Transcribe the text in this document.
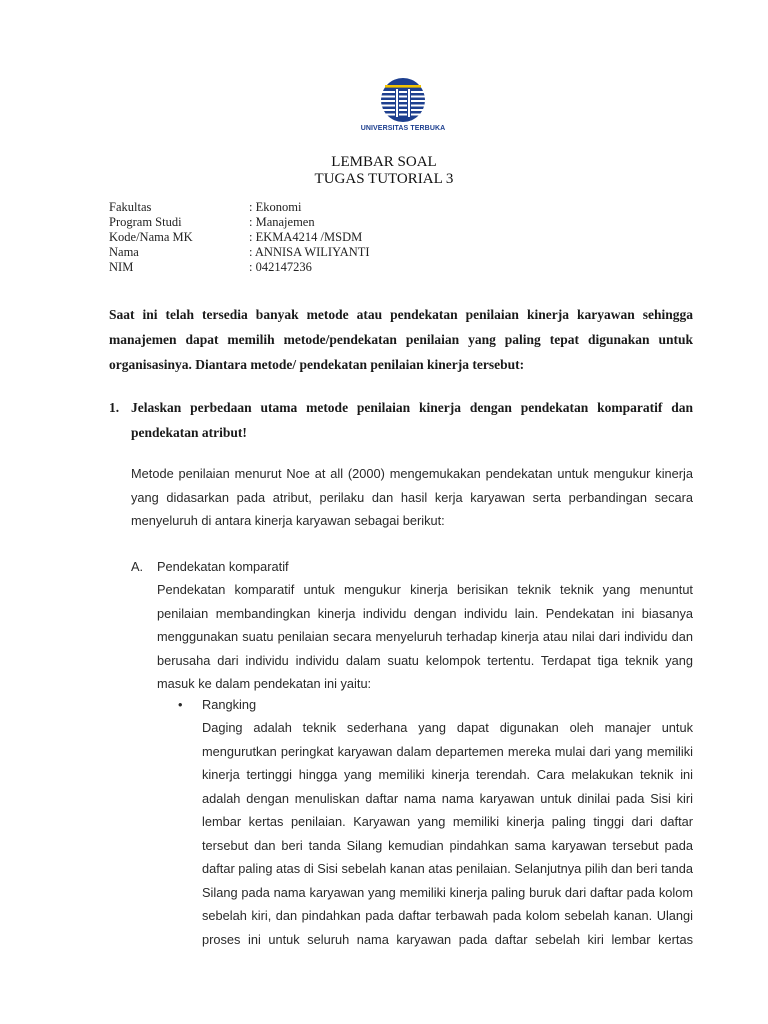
UNIVERSITAS TERBUKA
LEMBAR SOAL
TUGAS TUTORIAL 3
Fakultas	: Ekonomi
Program Studi	: Manajemen
Kode/Nama MK	: EKMA4214 /MSDM
Nama	: ANNISA WILIYANTI
NIM	: 042147236
Saat ini telah tersedia banyak metode atau pendekatan penilaian kinerja karyawan sehingga manajemen dapat memilih metode/pendekatan penilaian yang paling tepat digunakan untuk organisasinya. Diantara metode/ pendekatan penilaian kinerja tersebut:
1. Jelaskan perbedaan utama metode penilaian kinerja dengan pendekatan komparatif dan pendekatan atribut!
Metode penilaian menurut Noe at all (2000) mengemukakan pendekatan untuk mengukur kinerja yang didasarkan pada atribut, perilaku dan hasil kerja karyawan serta perbandingan secara menyeluruh di antara kinerja karyawan sebagai berikut:
A. Pendekatan komparatif
Pendekatan komparatif untuk mengukur kinerja berisikan teknik teknik yang menuntut penilaian membandingkan kinerja individu dengan individu lain. Pendekatan ini biasanya menggunakan suatu penilaian secara menyeluruh terhadap kinerja atau nilai dari individu dan berusaha dari individu individu dalam suatu kelompok tertentu. Terdapat tiga teknik yang masuk ke dalam pendekatan ini yaitu:
• Rangking
Daging adalah teknik sederhana yang dapat digunakan oleh manajer untuk mengurutkan peringkat karyawan dalam departemen mereka mulai dari yang memiliki kinerja tertinggi hingga yang memiliki kinerja terendah. Cara melakukan teknik ini adalah dengan menuliskan daftar nama nama karyawan untuk dinilai pada Sisi kiri lembar kertas penilaian. Karyawan yang memiliki kinerja paling tinggi dari daftar tersebut dan beri tanda Silang kemudian pindahkan sama karyawan tersebut pada daftar paling atas di Sisi sebelah kanan atas penilaian. Selanjutnya pilih dan beri tanda Silang pada nama karyawan yang memiliki kinerja paling buruk dari daftar pada kolom sebelah kiri, dan pindahkan pada daftar terbawah pada kolom sebelah kanan. Ulangi proses ini untuk seluruh nama karyawan pada daftar sebelah kiri lembar kertas
